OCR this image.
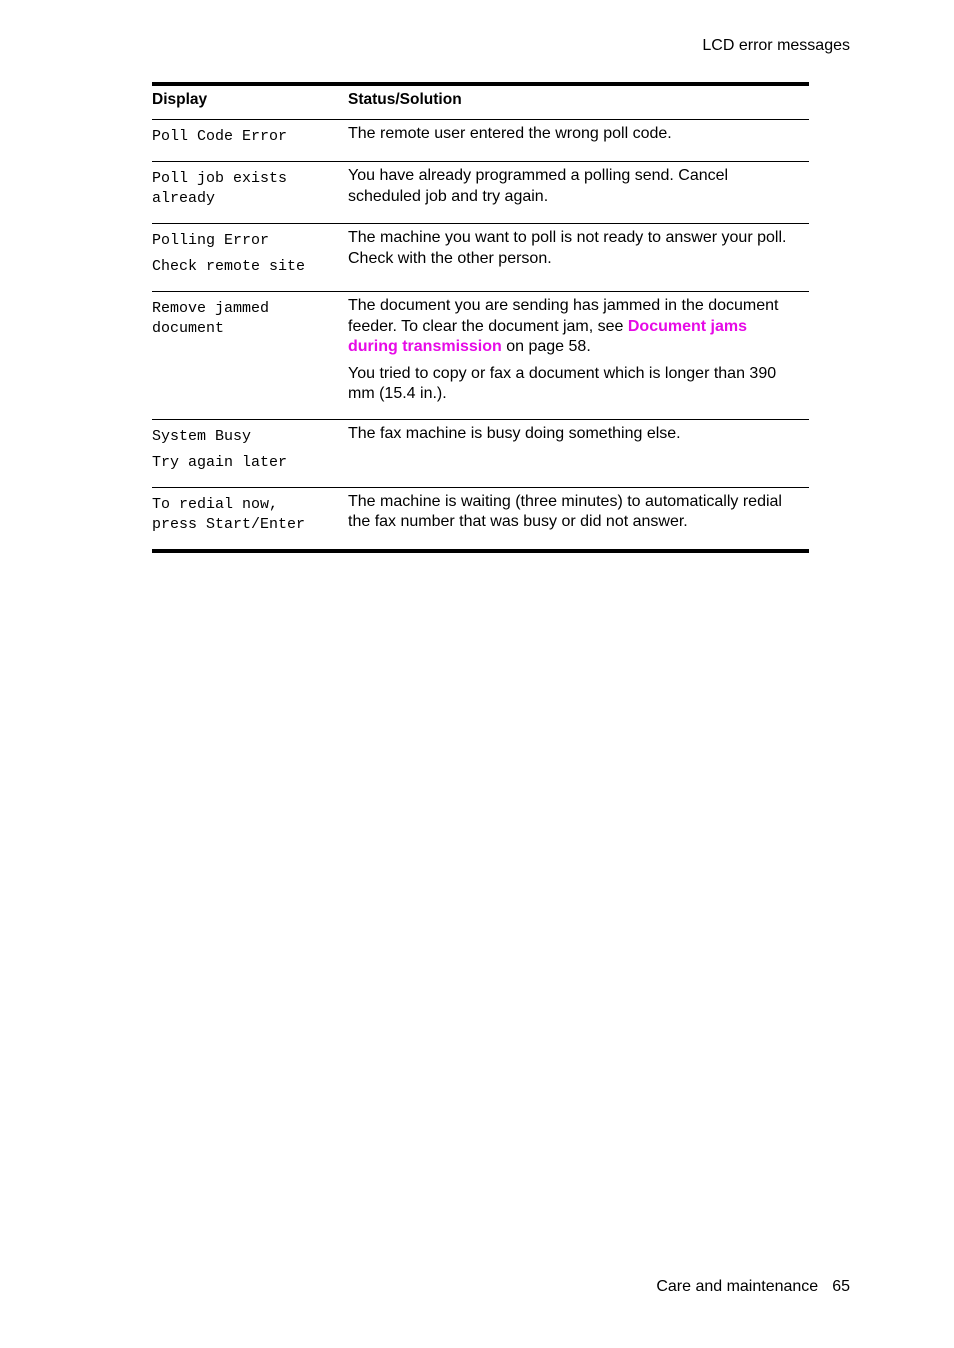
LCD error messages
Display	Status/Solution
Poll Code Error	The remote user entered the wrong poll code.

Poll job exists
already

You have already programmed a polling send. Cancel scheduled job and try again.

Polling Error
Check remote site

The machine you want to poll is not ready to answer your poll. Check with the other person.

Remove jammed
document

The document you are sending has jammed in the document feeder. To clear the document jam, see Document jams during transmission on page 58.

You tried to copy or fax a document which is longer than 390 mm (15.4 in.).

System Busy
Try again later

The fax machine is busy doing something else.

To redial now,
press Start/Enter

The machine is waiting (three minutes) to automatically redial the fax number that was busy or did not answer.

Care and maintenance 65
